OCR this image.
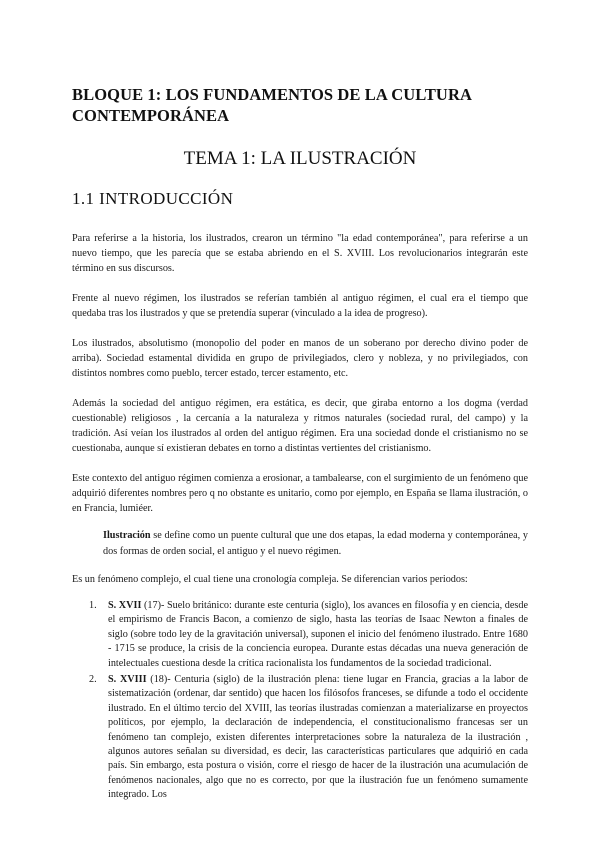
BLOQUE 1: LOS FUNDAMENTOS DE LA CULTURA CONTEMPORÁNEA
TEMA 1: LA ILUSTRACIÓN
1.1 INTRODUCCIÓN

Para referirse a la historia, los ilustrados, crearon un término "la edad contemporánea", para referirse a un nuevo tiempo, que les parecía que se estaba abriendo en el S. XVIII. Los revolucionarios integrarán este término en sus discursos.

Frente al nuevo régimen, los ilustrados se referían también al antiguo régimen, el cual era el tiempo que quedaba tras los ilustrados y que se pretendía superar (vinculado a la idea de progreso).

Los ilustrados, absolutismo (monopolio del poder en manos de un soberano por derecho divino poder de arriba). Sociedad estamental dividida en grupo de privilegiados, clero y nobleza, y no privilegiados, con distintos nombres como pueblo, tercer estado, tercer estamento, etc.

Además la sociedad del antiguo régimen, era estática, es decir, que giraba entorno a los dogma (verdad cuestionable) religiosos , la cercanía a la naturaleza y ritmos naturales (sociedad rural, del campo) y la tradición. Así veían los ilustrados al orden del antiguo régimen. Era una sociedad donde el cristianismo no se cuestionaba, aunque sí existieran debates en torno a distintas vertientes del cristianismo.

Este contexto del antiguo régimen comienza a erosionar, a tambalearse, con el surgimiento de un fenómeno que adquirió diferentes nombres pero q no obstante es unitario, como por ejemplo, en España se llama ilustración, o en Francia, lumiéer.

Ilustración se define como un puente cultural que une dos etapas, la edad moderna y contemporánea, y dos formas de orden social, el antiguo y el nuevo régimen.

Es un fenómeno complejo, el cual tiene una cronología compleja. Se diferencian varios periodos:

1. S. XVII (17)- Suelo británico: durante este centuria (siglo), los avances en filosofía y en ciencia, desde el empirismo de Francis Bacon, a comienzo de siglo, hasta las teorías de Isaac Newton a finales de siglo (sobre todo ley de la gravitación universal), suponen el inicio del fenómeno ilustrado. Entre 1680 - 1715 se produce, la crisis de la conciencia europea. Durante estas décadas una nueva generación de intelectuales cuestiona desde la crítica racionalista los fundamentos de la sociedad tradicional.
2. S. XVIII (18)- Centuria (siglo) de la ilustración plena: tiene lugar en Francia, gracias a la labor de sistematización (ordenar, dar sentido) que hacen los filósofos franceses, se difunde a todo el occidente ilustrado. En el último tercio del XVIII, las teorías ilustradas comienzan a materializarse en proyectos políticos, por ejemplo, la declaración de independencia, el constitucionalismo francesas ser un fenómeno tan complejo, existen diferentes interpretaciones sobre la naturaleza de la ilustración , algunos autores señalan su diversidad, es decir, las características particulares que adquirió en cada país. Sin embargo, esta postura o visión, corre el riesgo de hacer de la ilustración una acumulación de fenómenos nacionales, algo que no es correcto, por que la ilustración fue un fenómeno sumamente integrado. Los
